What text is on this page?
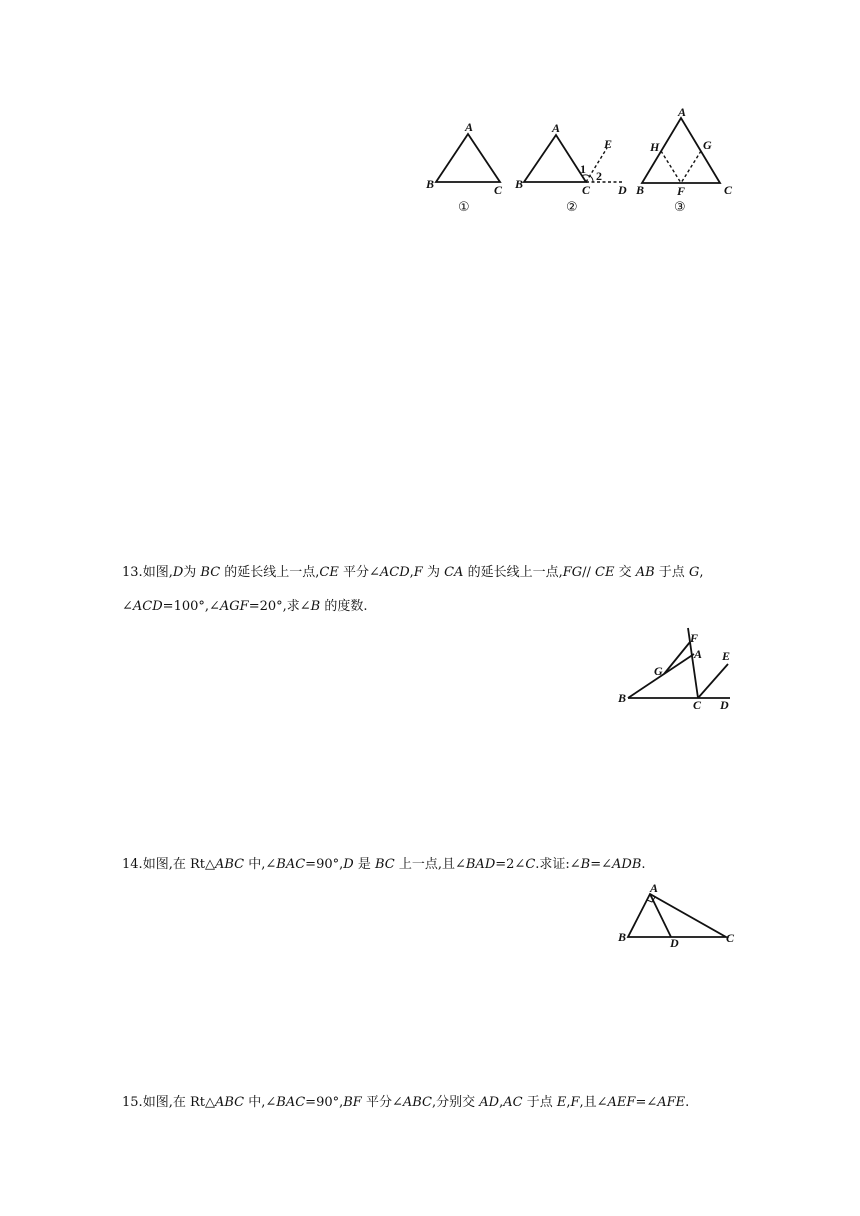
A
B	C
①
A
B	C D
E
1 2
②
A
B	C
F
G
H
③
13.如图,D为 BC 的延长线上一点,CE 平分∠ACD,F 为 CA 的延长线上一点,FG// CE 交 AB 于点 G,
∠ACD=100°,∠AGF=20°,求∠B 的度数.
F
A E
G
B	C D
14.如图,在 Rt△ABC 中,∠BAC=90°,D 是 BC 上一点,且∠BAD=2∠C.求证:∠B=∠ADB.
A
B	C
D
15.如图,在 Rt△ABC 中,∠BAC=90°,BF 平分∠ABC,分别交 AD,AC 于点 E,F,且∠AEF=∠AFE.
